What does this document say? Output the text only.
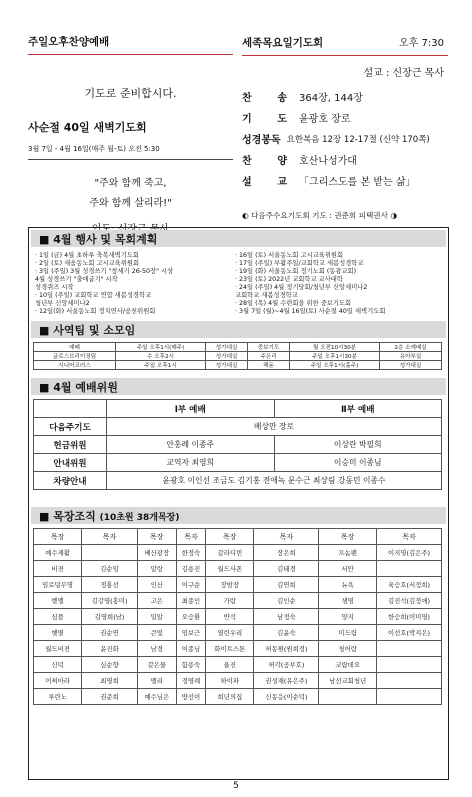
주일오후찬양예배
기도로 준비합시다.
사순절 40일 새벽기도회
3월 7일 - 4월 16일(매주 월-토) 오전 5:30
"주와 함께 죽고,
주와 함께 살리라!"
세족목요일기도회	오후 7:30
설교 : 신장근 목사
찬	송 364장, 144장
기	도 윤광호 장로
성경봉독 요한복음 12장 12-17절 (신약 170쪽)
찬	양 호산나성가대
설	교 「그리스도를 본 받는 삶」
◐ 다음주수요기도회 기도 : 권준희 피택권사 ◑
■ 4월 행사 및 목회계획
· 1일 (금) 4월 초하루 축복새벽기도회
· 2일 (토) 새움동노회 고시교육위원회
· 3일 (주일) 3월 성경쓰기 "창세기 26-50장" 시상
4월 성경쓰기 "출애굽기" 시작
성경퀴즈 시작
· 10일 (주일) 교회학교 연합 새봄성경학교
청년부 신앙세미나2
· 12일(화) 서울동노회 정치연사/공천위원회
· 16일 (토) 서울동노회 고시교육위원회
· 17일 (주일) 부활주일/교회학교 새봄성경학교
· 19일 (화) 서울동노회 정기노회 (동광교회)
· 23일 (토) 2022년 교회학교 교사대학
· 24일 (주일) 4월 정기당회/청년부 신앙세미나2
교회학교 새봄성경학교
· 28일 (목) 4월 수련회을 위한 중보기도회
· 3월 7일 (월)~4월 16일(토) 사순절 40일 새벽기도회
■ 사역팀 및 소모임
예배	주일 오후1시(매주)	성가대실	중보기도	월 오전10시30분	2층 소예배실
글로스브리이징팀	수 오후2시	성가대실	주은리	주일 오후1시30분	유아부실
시니어코러스	주일 오후1시	성가대실	해돋	주일 오후1시(홀주)	성가대실
■ 4월 예배위원
	Ⅰ부 예배	Ⅱ부 예배
다음주기도	배상만 장로	
헌금위원	안홍례 이종주	이상란 박필희
안내위원	교역자 최영희	이승미 이종님
차량안내	윤광호 이인선 조금도 김기홍 전애녹 문수근 최상림 강동민 이종수	
■ 목장조직 (10초원 38개목장)
목장	목자	목장	목자	목장	목자	목장	목자
예수재활		베산광장	한정숙	갈라디빈	장은희	프놈펜	이지영(김은주)
비젼	김순임	말랑	김용진	월드사폰	김태경	서안	
임로덩무명	정홍선	인산	이구순	장밤장	김연희	뉴욕	육승호(서정희)
벧엘	김강영(홍미)	고은	최종인	가람	김인순	샘명	김진석(김정애)
심플	김영희(남)	밀알	오승환	반석	남정숙	양지	한승희(이미영)
햇볕	권순연	큰빛	임보근	열린우리	김윤숙	미드림	이선호(박지은)
월드비젼	윤진화	남경	이종님	화이트스톤	허동원(원희정)	청어람	
신덕	심순향	갈은물	함용숙	율진	허각(공부호)	코랍데오	
이찌아라	최영희	멜리	정영례	하이파	권성재(유은주)	남선교회청년	
루란노	권준희	예수님은	방선이	희년의집	신동응(이순덕)		
5
